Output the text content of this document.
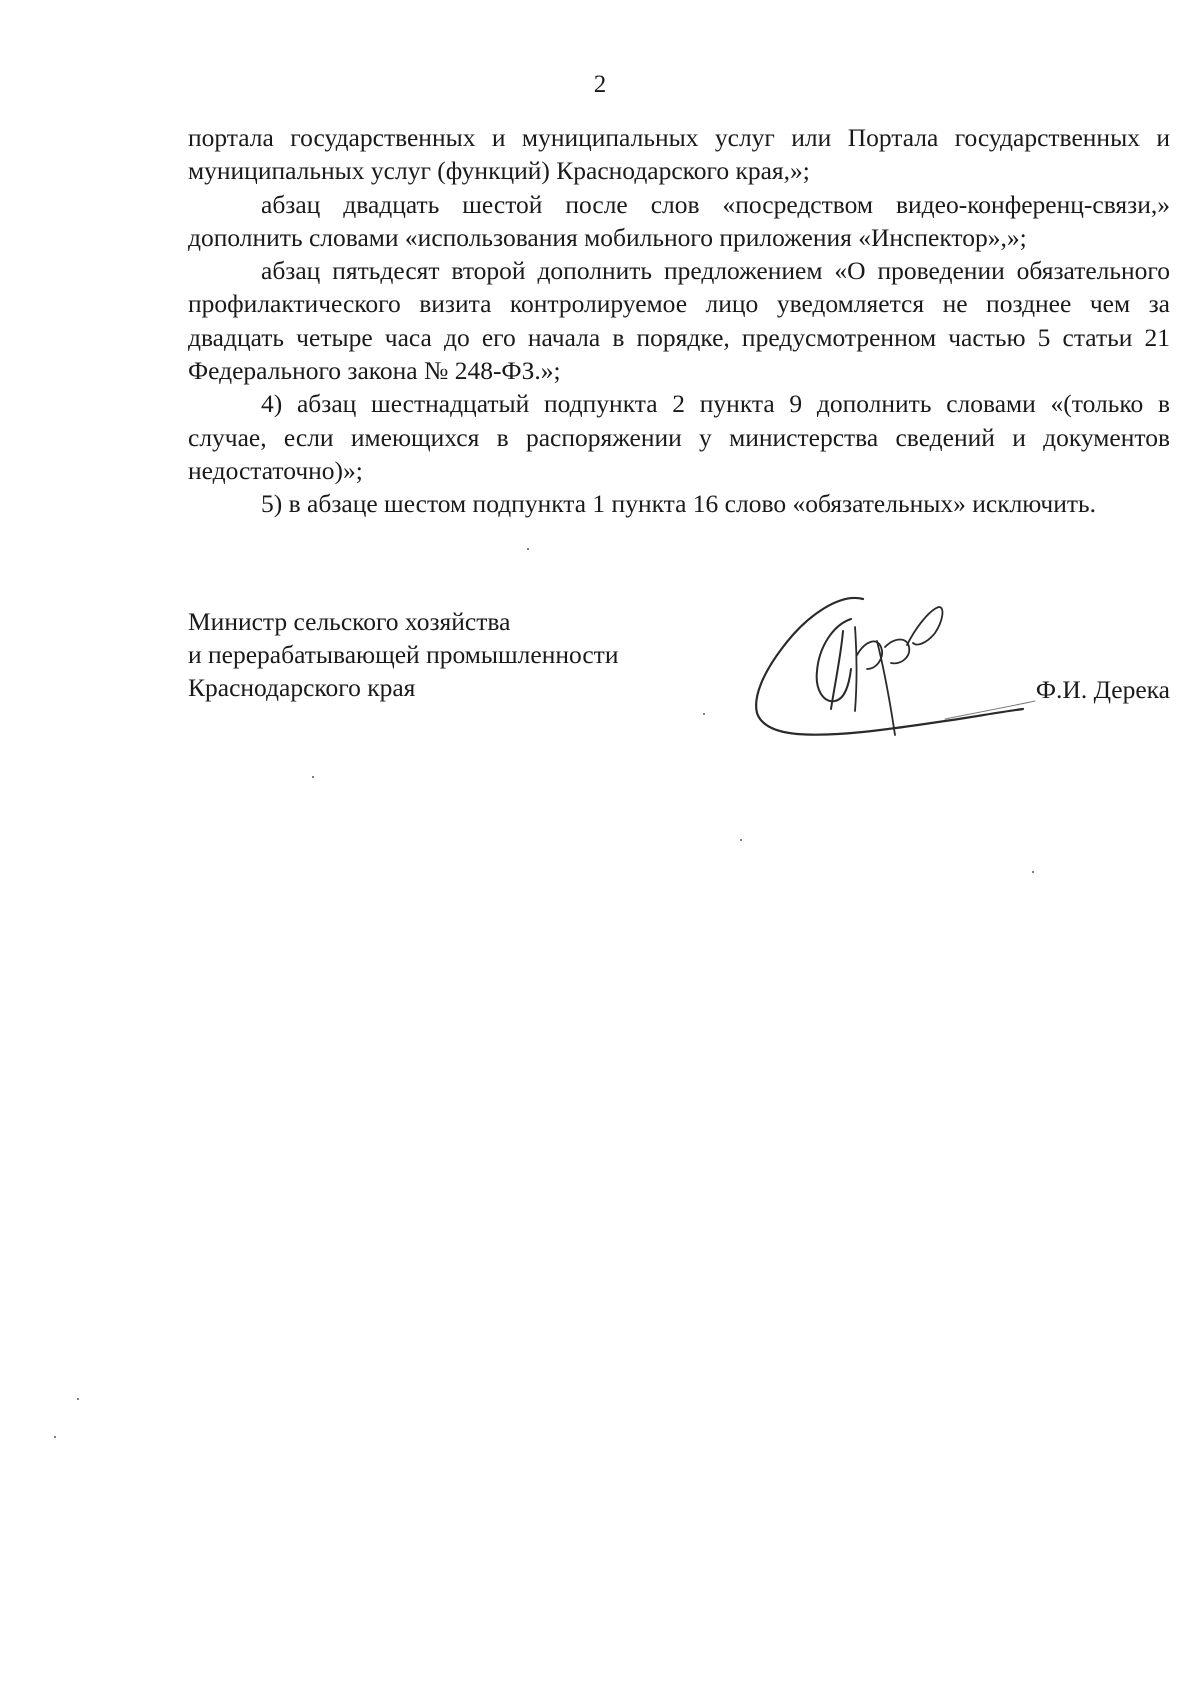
2

портала государственных и муниципальных услуг или Портала государственных и муниципальных услуг (функций) Краснодарского края,»;

абзац двадцать шестой после слов «посредством видео-конференц-связи,» дополнить словами «использования мобильного приложения «Инспектор»,»;

абзац пятьдесят второй дополнить предложением «О проведении обязательного профилактического визита контролируемое лицо уведомляется не позднее чем за двадцать четыре часа до его начала в порядке, предусмотренном частью 5 статьи 21 Федерального закона № 248-ФЗ.»;

4) абзац шестнадцатый подпункта 2 пункта 9 дополнить словами «(только в случае, если имеющихся в распоряжении у министерства сведений и документов недостаточно)»;

5) в абзаце шестом подпункта 1 пункта 16 слово «обязательных» исключить.

Министр сельского хозяйства
и перерабатывающей промышленности
Краснодарского края	Ф.И. Дерека
